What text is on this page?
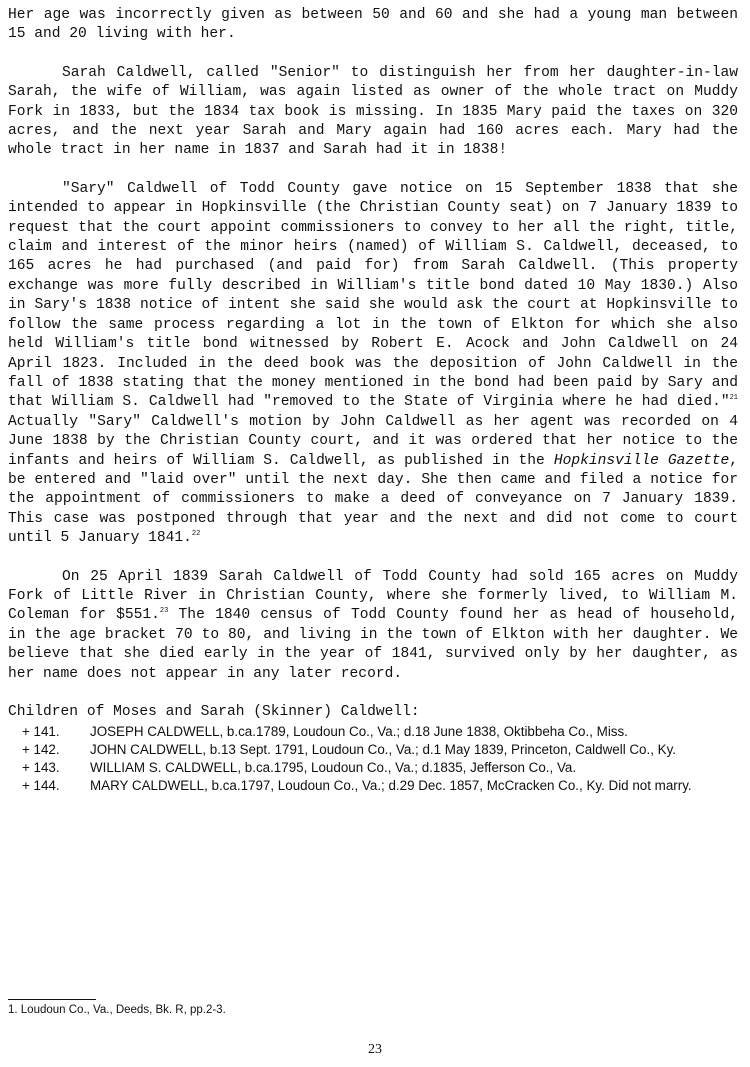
Her age was incorrectly given as between 50 and 60 and she had a young man between 15 and 20 living with her.

Sarah Caldwell, called "Senior" to distinguish her from her daughter-in-law Sarah, the wife of William, was again listed as owner of the whole tract on Muddy Fork in 1833, but the 1834 tax book is missing. In 1835 Mary paid the taxes on 320 acres, and the next year Sarah and Mary again had 160 acres each. Mary had the whole tract in her name in 1837 and Sarah had it in 1838!

"Sary" Caldwell of Todd County gave notice on 15 September 1838 that she intended to appear in Hopkinsville (the Christian County seat) on 7 January 1839 to request that the court appoint commissioners to convey to her all the right, title, claim and interest of the minor heirs (named) of William S. Caldwell, deceased, to 165 acres he had purchased (and paid for) from Sarah Caldwell. (This property exchange was more fully described in William's title bond dated 10 May 1830.) Also in Sary's 1838 notice of intent she said she would ask the court at Hopkinsville to follow the same process regarding a lot in the town of Elkton for which she also held William's title bond witnessed by Robert E. Acock and John Caldwell on 24 April 1823. Included in the deed book was the deposition of John Caldwell in the fall of 1838 stating that the money mentioned in the bond had been paid by Sary and that William S. Caldwell had "removed to the State of Virginia where he had died."$^{21}$ Actually "Sary" Caldwell's motion by John Caldwell as her agent was recorded on 4 June 1838 by the Christian County court, and it was ordered that her notice to the infants and heirs of William S. Caldwell, as published in the Hopkinsville Gazette, be entered and "laid over" until the next day. She then came and filed a notice for the appointment of commissioners to make a deed of conveyance on 7 January 1839. This case was postponed through that year and the next and did not come to court until 5 January 1841.22

On 25 April 1839 Sarah Caldwell of Todd County had sold 165 acres on Muddy Fork of Little River in Christian County, where she formerly lived, to William M. Coleman for $551.23 The 1840 census of Todd County found her as head of household, in the age bracket 70 to 80, and living in the town of Elkton with her daughter. We believe that she died early in the year of 1841, survived only by her daughter, as her name does not appear in any later record.

Children of Moses and Sarah (Skinner) Caldwell:
+ 141.	JOSEPH CALDWELL, b.ca.1789, Loudoun Co., Va.; d.18 June 1838, Oktibbeha Co., Miss.
+ 142.	JOHN CALDWELL, b.13 Sept. 1791, Loudoun Co., Va.; d.1 May 1839, Princeton, Caldwell Co., Ky.
+ 143.	WILLIAM S. CALDWELL, b.ca.1795, Loudoun Co., Va.; d.1835, Jefferson Co., Va.
+ 144.	MARY CALDWELL, b.ca.1797, Loudoun Co., Va.; d.29 Dec. 1857, McCracken Co., Ky. Did not marry.
1. Loudoun Co., Va., Deeds, Bk. R, pp.2-3.
23
